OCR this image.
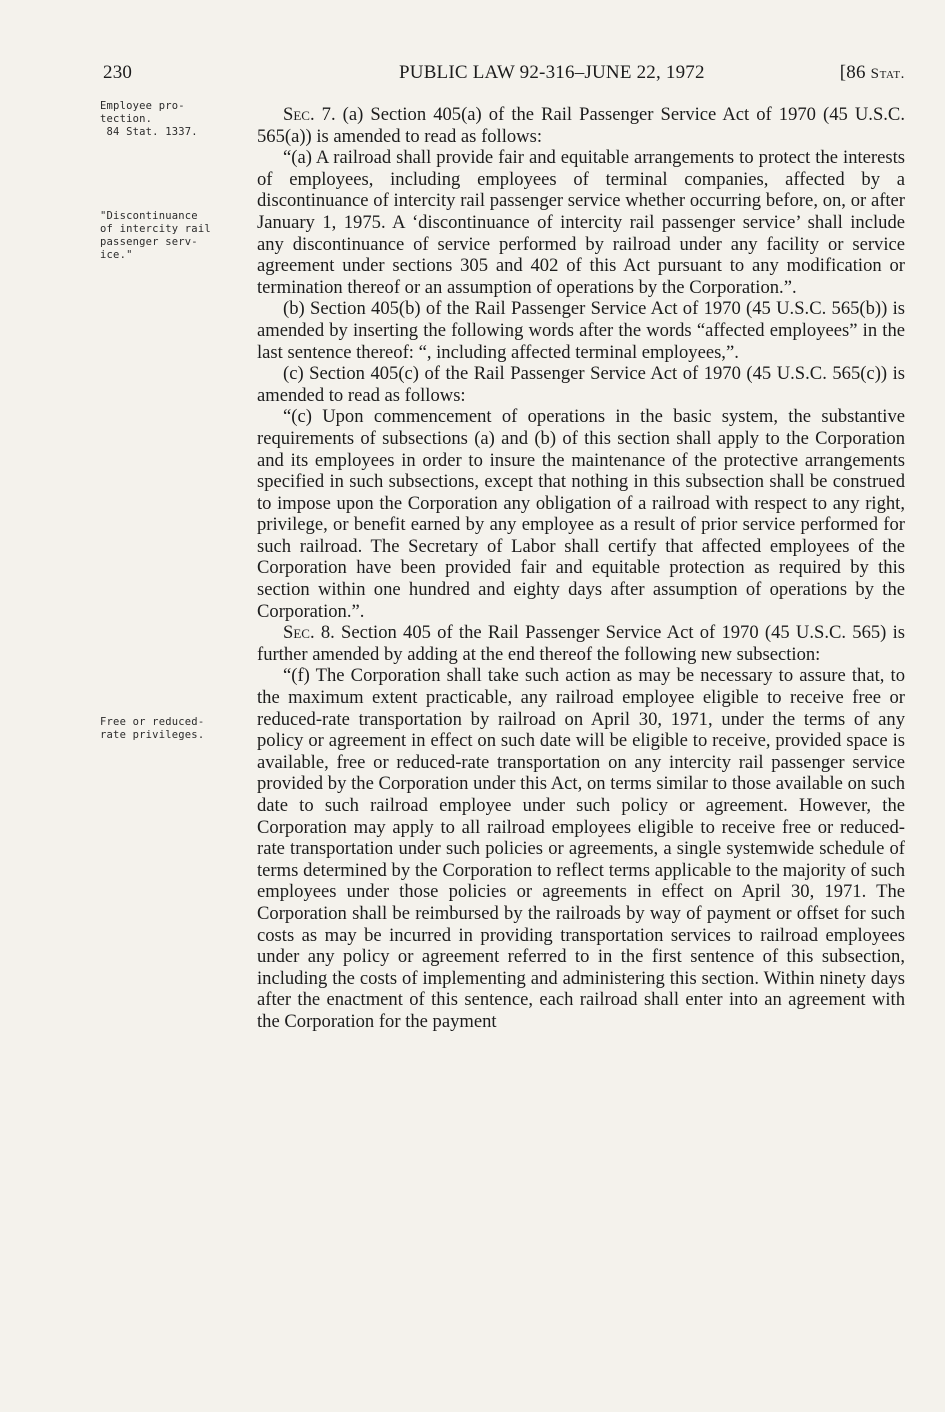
230	PUBLIC LAW 92-316–JUNE 22, 1972	[86 Stat.
Employee pro-
tection.
84 Stat. 1337.
"Discontinuance
of intercity rail
passenger serv-
ice."
Free or reduced-
rate privileges.

Sec. 7. (a) Section 405(a) of the Rail Passenger Service Act of 1970 (45 U.S.C. 565(a)) is amended to read as follows:

“(a) A railroad shall provide fair and equitable arrangements to protect the interests of employees, including employees of terminal companies, affected by a discontinuance of intercity rail passenger service whether occurring before, on, or after January 1, 1975. A ‘discontinuance of intercity rail passenger service’ shall include any discontinuance of service performed by railroad under any facility or service agreement under sections 305 and 402 of this Act pursuant to any modification or termination thereof or an assumption of operations by the Corporation.”.

(b) Section 405(b) of the Rail Passenger Service Act of 1970 (45 U.S.C. 565(b)) is amended by inserting the following words after the words “affected employees” in the last sentence thereof: “, including affected terminal employees,”.

(c) Section 405(c) of the Rail Passenger Service Act of 1970 (45 U.S.C. 565(c)) is amended to read as follows:

“(c) Upon commencement of operations in the basic system, the substantive requirements of subsections (a) and (b) of this section shall apply to the Corporation and its employees in order to insure the maintenance of the protective arrangements specified in such subsections, except that nothing in this subsection shall be construed to impose upon the Corporation any obligation of a railroad with respect to any right, privilege, or benefit earned by any employee as a result of prior service performed for such railroad. The Secretary of Labor shall certify that affected employees of the Corporation have been provided fair and equitable protection as required by this section within one hundred and eighty days after assumption of operations by the Corporation.”.

Sec. 8. Section 405 of the Rail Passenger Service Act of 1970 (45 U.S.C. 565) is further amended by adding at the end thereof the following new subsection:

“(f) The Corporation shall take such action as may be necessary to assure that, to the maximum extent practicable, any railroad employee eligible to receive free or reduced-rate transportation by railroad on April 30, 1971, under the terms of any policy or agreement in effect on such date will be eligible to receive, provided space is available, free or reduced-rate transportation on any intercity rail passenger service provided by the Corporation under this Act, on terms similar to those available on such date to such railroad employee under such policy or agreement. However, the Corporation may apply to all railroad employees eligible to receive free or reduced-rate transportation under such policies or agreements, a single systemwide schedule of terms determined by the Corporation to reflect terms applicable to the majority of such employees under those policies or agreements in effect on April 30, 1971. The Corporation shall be reimbursed by the railroads by way of payment or offset for such costs as may be incurred in providing transportation services to railroad employees under any policy or agreement referred to in the first sentence of this subsection, including the costs of implementing and administering this section. Within ninety days after the enactment of this sentence, each railroad shall enter into an agreement with the Corporation for the payment
